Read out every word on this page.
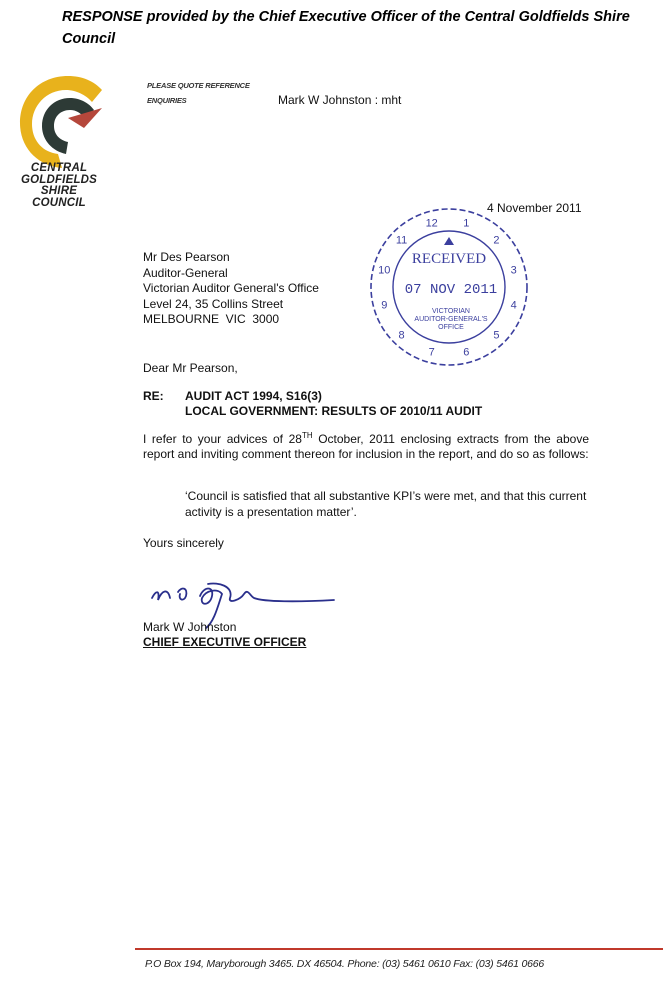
RESPONSE provided by the Chief Executive Officer of the Central Goldfields Shire Council
CENTRAL
GOLDFIELDS
SHIRE
COUNCIL
PLEASE QUOTE REFERENCE
ENQUIRIES	Mark W Johnston : mht
4 November 2011
1
2
3
4
5
6
7
8
9
10
11
12
RECEIVED
07 NOV 2011
VICTORIAN
AUDITOR-GENERAL'S
OFFICE
Mr Des Pearson
Auditor-General
Victorian Auditor General's Office
Level 24, 35 Collins Street
MELBOURNE  VIC  3000
Dear Mr Pearson,
RE: AUDIT ACT 1994, S16(3)
LOCAL GOVERNMENT: RESULTS OF 2010/11 AUDIT
I refer to your advices of 28TH October, 2011 enclosing extracts from the above report and inviting comment thereon for inclusion in the report, and do so as follows:
‘Council is satisfied that all substantive KPI’s were met, and that this current activity is a presentation matter’.
Yours sincerely
Mark W Johnston
CHIEF EXECUTIVE OFFICER
P.O Box 194, Maryborough 3465. DX 46504. Phone: (03) 5461 0610 Fax: (03) 5461 0666
